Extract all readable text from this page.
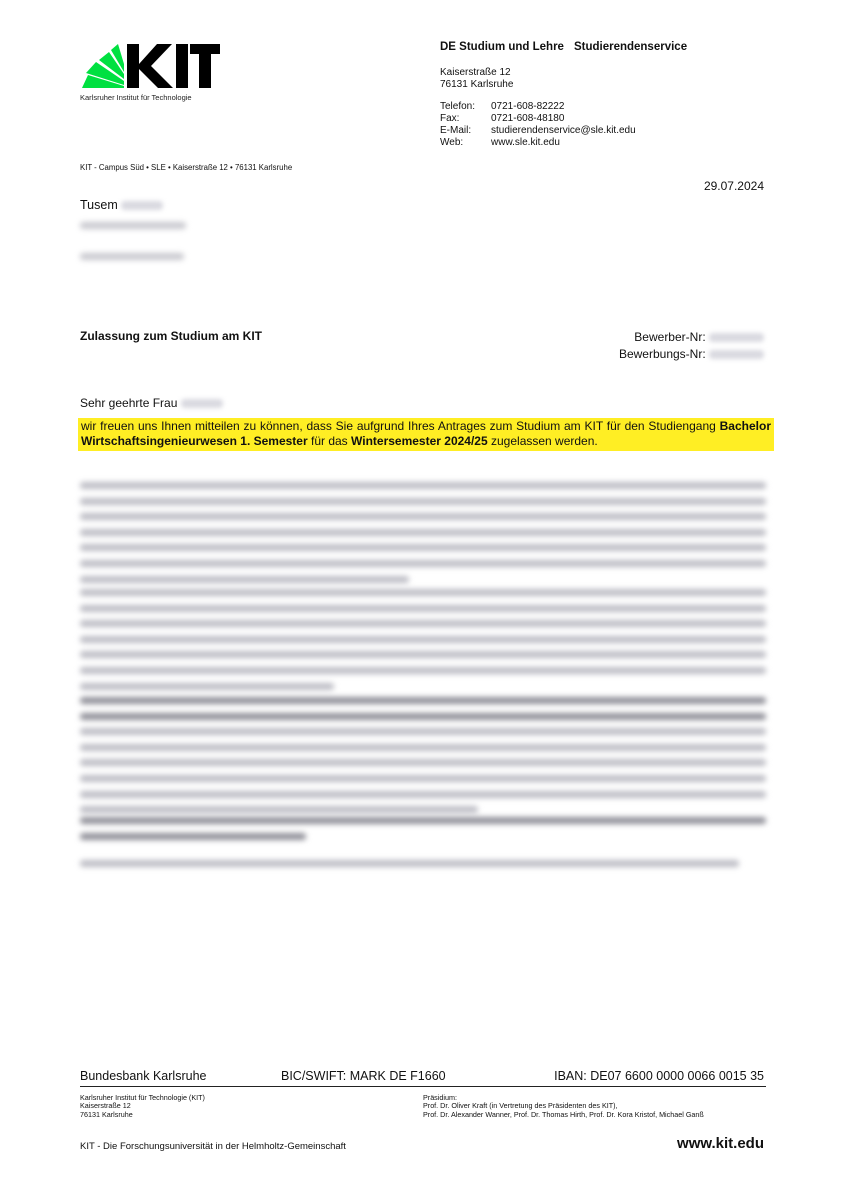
Karlsruher Institut für Technologie
DE Studium und Lehre Studierendenservice
Kaiserstraße 12
76131 Karlsruhe
Telefon: 0721-608-82222
Fax:	0721-608-48180
E-Mail: studierendenservice@sle.kit.edu
Web:	www.sle.kit.edu
KIT - Campus Süd • SLE • Kaiserstraße 12 • 76131 Karlsruhe
29.07.2024
Tusem
Zulassung zum Studium am KIT	Bewerber-Nr:
Bewerbungs-Nr:
Sehr geehrte Frau
wir freuen uns Ihnen mitteilen zu können, dass Sie aufgrund Ihres Antrages zum Studium am KIT für den Studiengang Bachelor Wirtschaftsingenieurwesen 1. Semester für das Wintersemester 2024/25 zugelassen werden.
Bundesbank Karlsruhe	BIC/SWIFT: MARK DE F1660	IBAN: DE07 6600 0000 0066 0015 35
Karlsruher Institut für Technologie (KIT)
Kaiserstraße 12
76131 Karlsruhe
Präsidium:
Prof. Dr. Oliver Kraft (in Vertretung des Präsidenten des KIT),
Prof. Dr. Alexander Wanner, Prof. Dr. Thomas Hirth, Prof. Dr. Kora Kristof, Michael Ganß
KIT - Die Forschungsuniversität in der Helmholtz-Gemeinschaft	www.kit.edu
